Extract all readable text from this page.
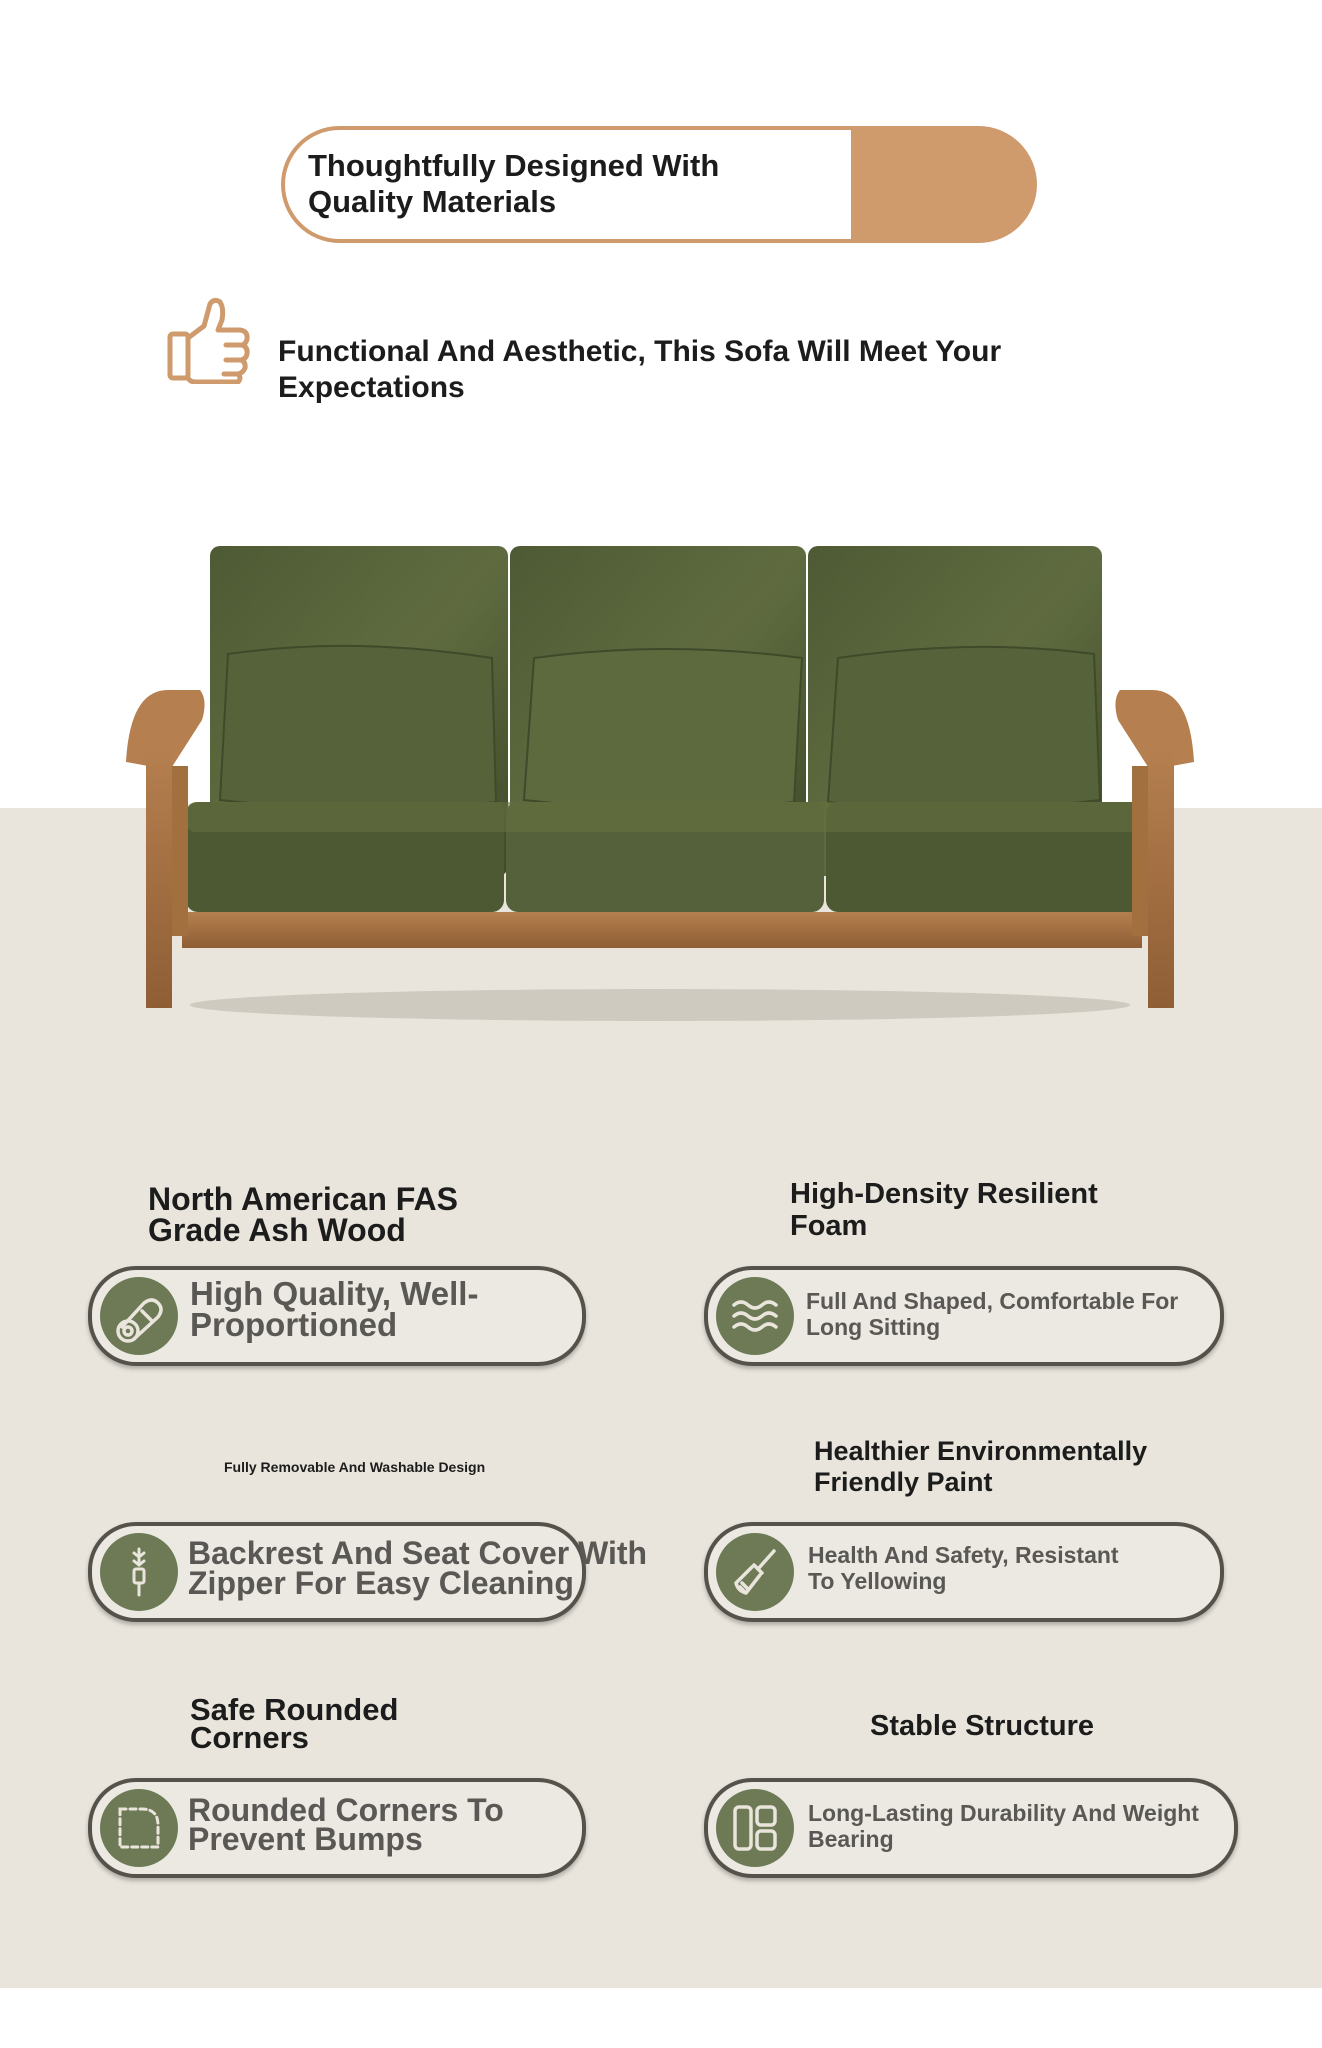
Thoughtfully Designed With Quality Materials
Functional And Aesthetic, This Sofa Will Meet Your Expectations
North American FAS Grade Ash Wood
High Quality, Well-Proportioned
High-Density Resilient Foam
Full And Shaped, Comfortable For Long Sitting
Fully Removable And Washable Design
Backrest And Seat Cover With Zipper For Easy Cleaning
Healthier Environmentally Friendly Paint
Health And Safety, Resistant To Yellowing
Safe Rounded Corners
Rounded Corners To Prevent Bumps
Stable Structure
Long-Lasting Durability And Weight Bearing
